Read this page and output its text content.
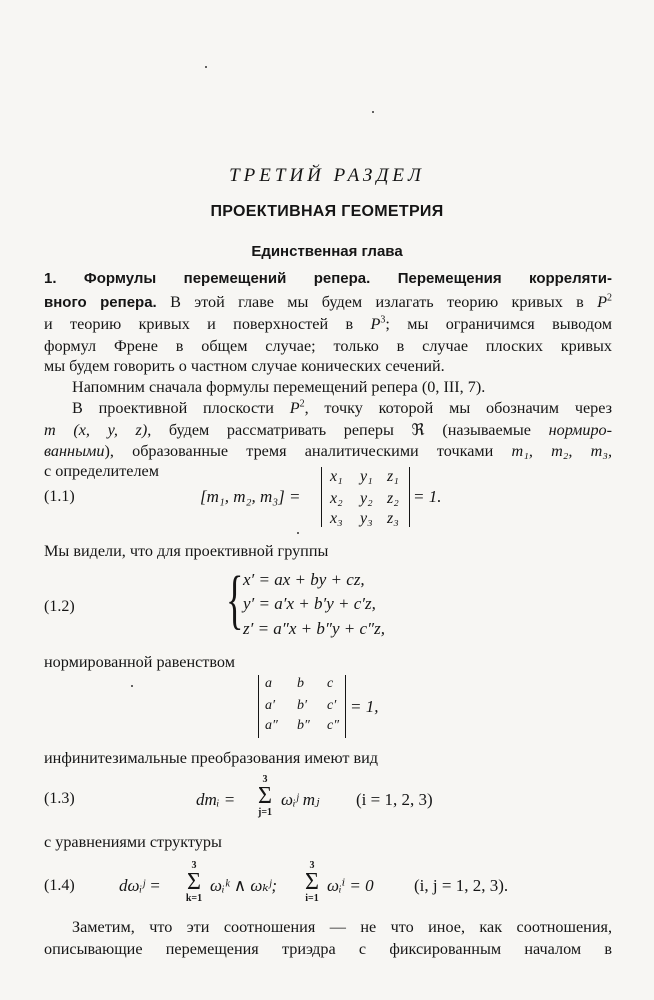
ТРЕТИЙ РАЗДЕЛ
ПРОЕКТИВНАЯ ГЕОМЕТРИЯ
Единственная глава
1. Формулы перемещений репера. Перемещения корреляти-
вного репера. В этой главе мы будем излагать теорию кривых в $P^2$
и теорию кривых и поверхностей в $P^3$; мы ограничимся выводом
формул Френе в общем случае; только в случае плоских кривых
мы будем говорить о частном случае конических сечений.
Напомним сначала формулы перемещений репера (0, III, 7).
В проективной плоскости $P^2$, точку которой мы обозначим через
m (x, y, z), будем рассматривать реперы ℜ (называемые нормиро-
ванными), образованные тремя аналитическими точками m₁, m₂, m₃,
с определителем
(1.1)	[m₁, m₂, m₃] =
x₁ y₁ z₁
x₂ y₂ z₂
x₃ y₃ z₃
= 1.
Мы видели, что для проективной группы
(1.2) { x′ = ax + by + cz,
y′ = a′x + b′y + c′z,
z′ = a″x + b″y + c″z,
нормированной равенством
a b c
a′ b′ c′
a″ b″ c″
= 1,
инфинитезимальные преобразования имеют вид
(1.3)	dmᵢ =
3
Σ
j=1
ωᵢʲ mⱼ (i = 1, 2, 3)
с уравнениями структуры
(1.4)	dωᵢʲ =
3
Σ
k=1
ωᵢᵏ ∧ ωₖʲ;
3
Σ
i=1
ωᵢⁱ = 0 (i, j = 1, 2, 3).
Заметим, что эти соотношения — не что иное, как соотношения,
описывающие перемещения триэдра с фиксированным началом в
